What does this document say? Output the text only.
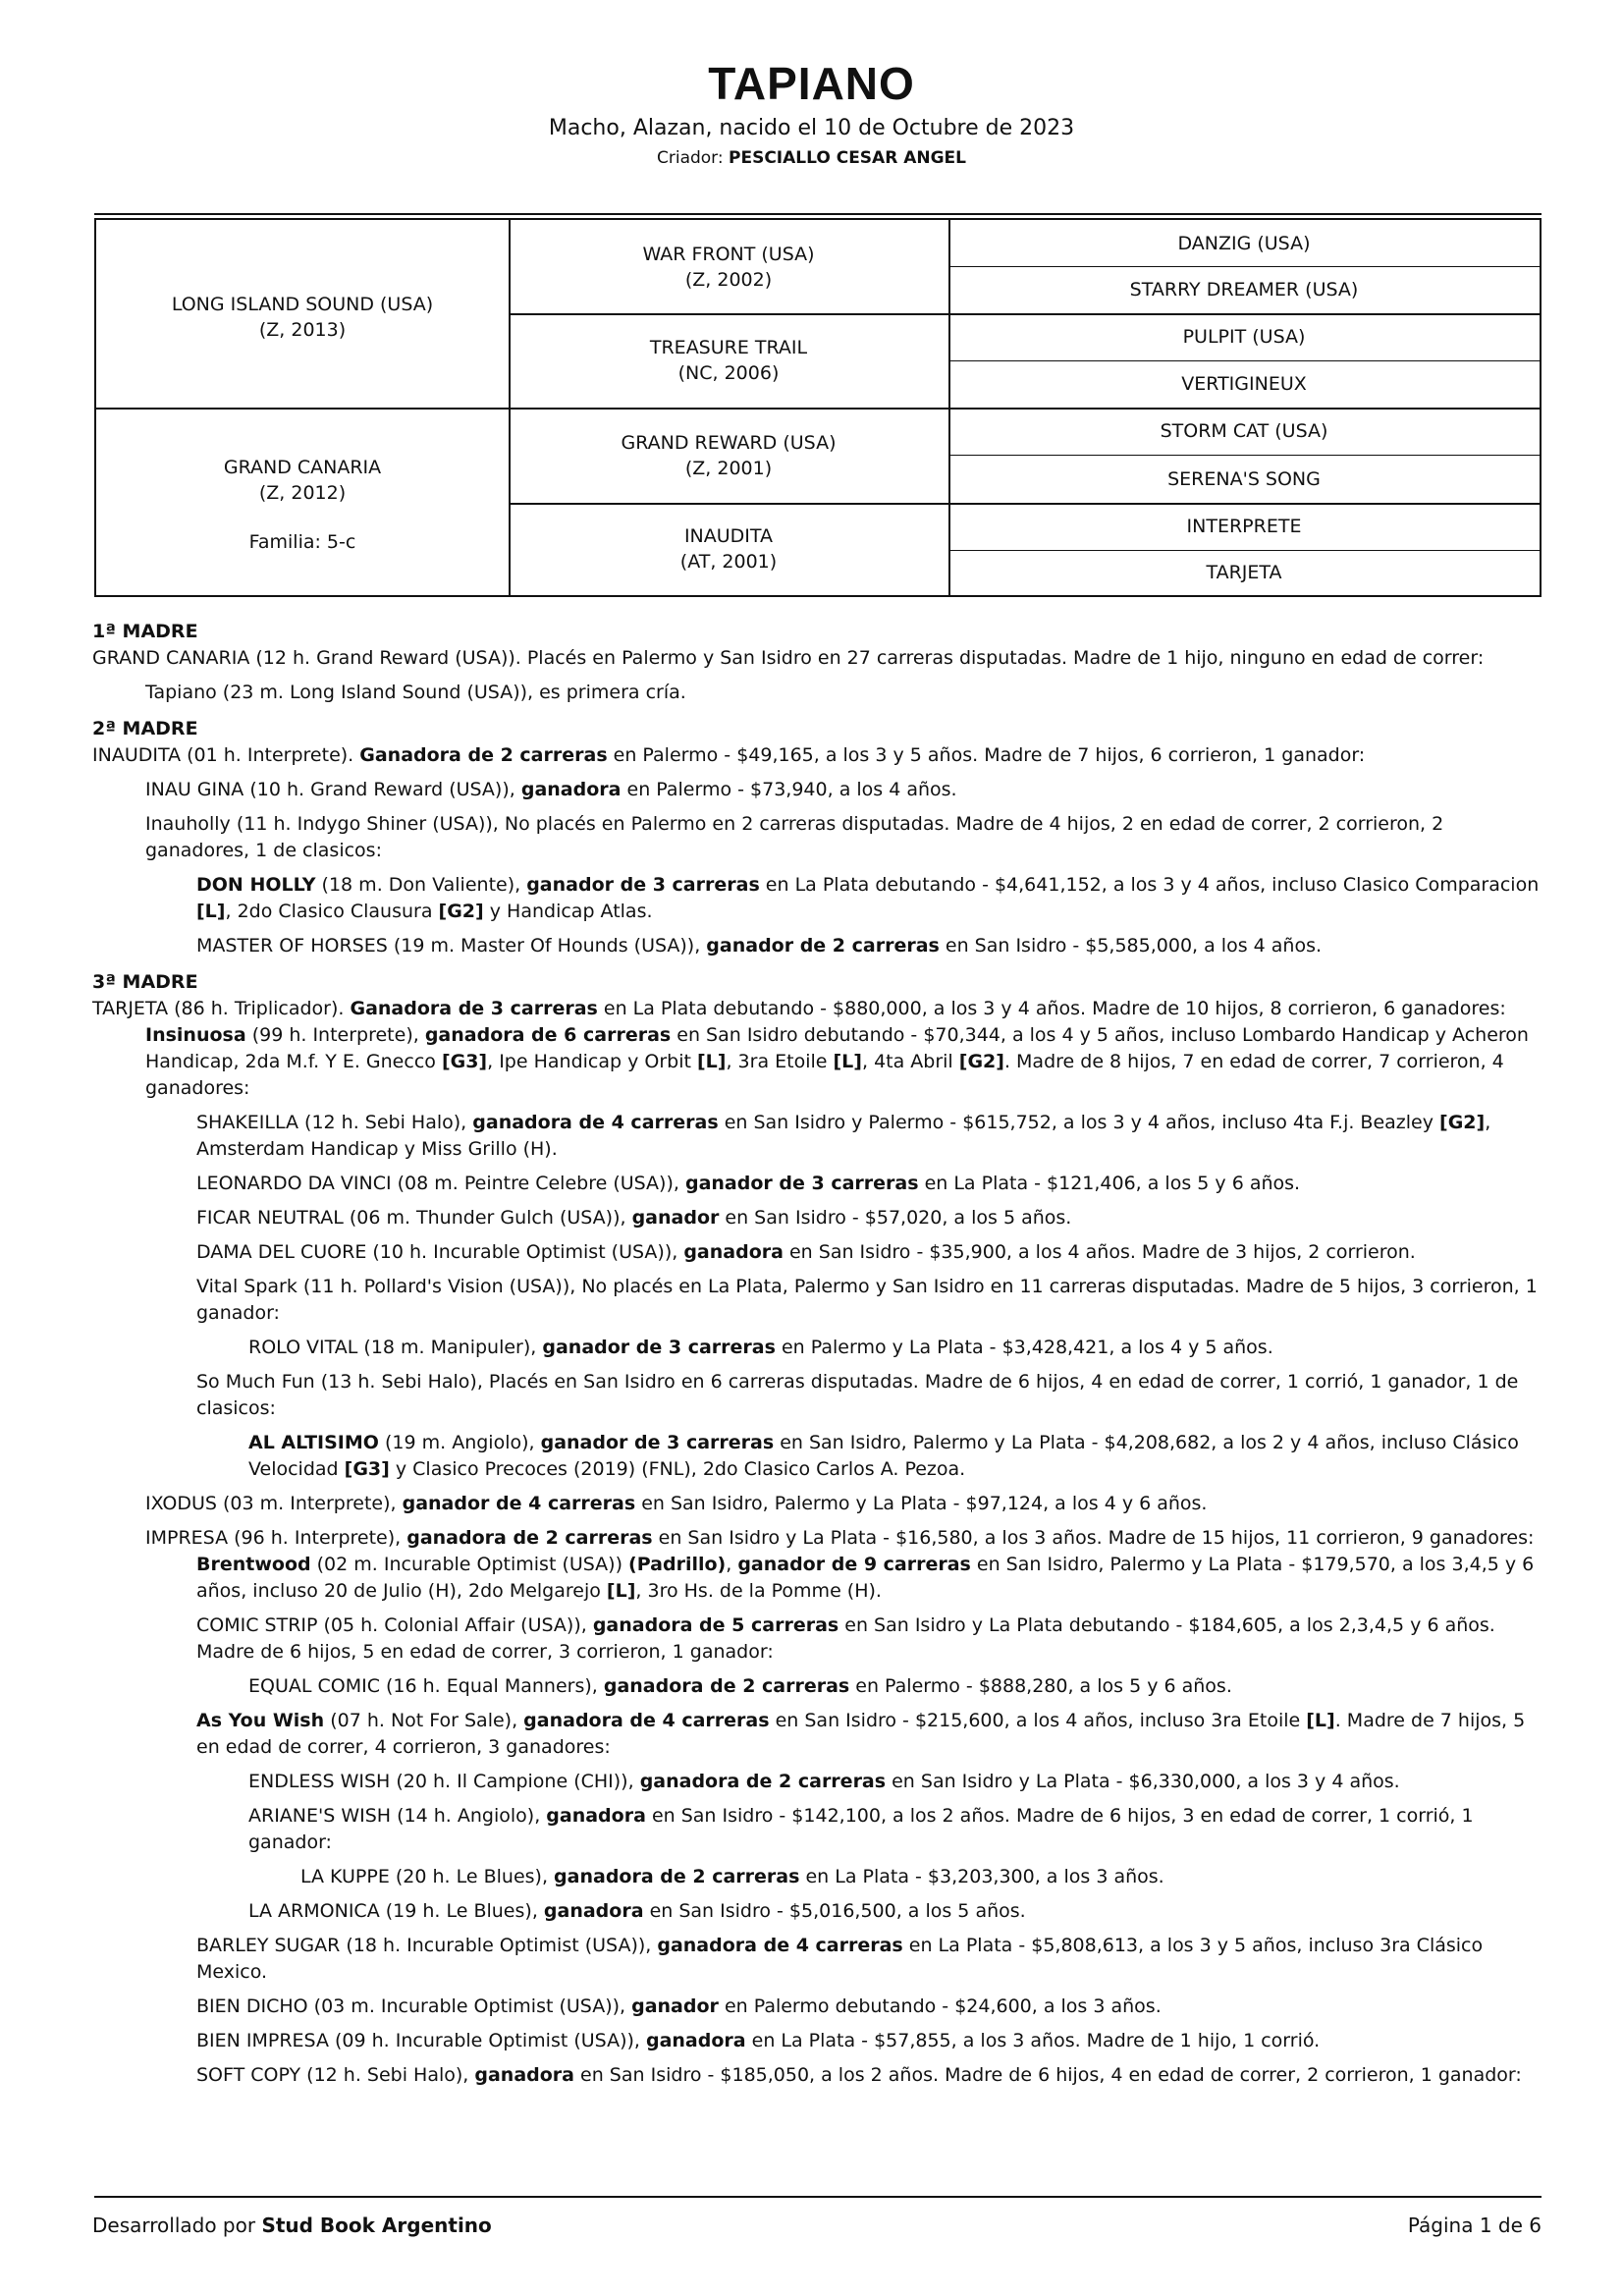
TAPIANO
Macho, Alazan, nacido el 10 de Octubre de 2023
Criador: PESCIALLO CESAR ANGEL
LONG ISLAND SOUND (USA)
(Z, 2013)
GRAND CANARIA
(Z, 2012)
Familia: 5-c
WAR FRONT (USA)
(Z, 2002)
TREASURE TRAIL
(NC, 2006)
GRAND REWARD (USA)
(Z, 2001)
INAUDITA
(AT, 2001)
DANZIG (USA)
STARRY DREAMER (USA)
PULPIT (USA)
VERTIGINEUX
STORM CAT (USA)
SERENA'S SONG
INTERPRETE
TARJETA
1ª MADRE
GRAND CANARIA (12 h. Grand Reward (USA)). Placés en Palermo y San Isidro en 27 carreras disputadas. Madre de 1 hijo, ninguno en edad de correr:
Tapiano (23 m. Long Island Sound (USA)), es primera cría.
2ª MADRE
INAUDITA (01 h. Interprete). Ganadora de 2 carreras en Palermo - $49,165, a los 3 y 5 años. Madre de 7 hijos, 6 corrieron, 1 ganador:
INAU GINA (10 h. Grand Reward (USA)), ganadora en Palermo - $73,940, a los 4 años.
Inauholly (11 h. Indygo Shiner (USA)), No placés en Palermo en 2 carreras disputadas. Madre de 4 hijos, 2 en edad de correr, 2 corrieron, 2 ganadores, 1 de clasicos:
DON HOLLY (18 m. Don Valiente), ganador de 3 carreras en La Plata debutando - $4,641,152, a los 3 y 4 años, incluso Clasico Comparacion [L], 2do Clasico Clausura [G2] y Handicap Atlas.
MASTER OF HORSES (19 m. Master Of Hounds (USA)), ganador de 2 carreras en San Isidro - $5,585,000, a los 4 años.
3ª MADRE
TARJETA (86 h. Triplicador). Ganadora de 3 carreras en La Plata debutando - $880,000, a los 3 y 4 años. Madre de 10 hijos, 8 corrieron, 6 ganadores:
Insinuosa (99 h. Interprete), ganadora de 6 carreras en San Isidro debutando - $70,344, a los 4 y 5 años, incluso Lombardo Handicap y Acheron Handicap, 2da M.f. Y E. Gnecco [G3], Ipe Handicap y Orbit [L], 3ra Etoile [L], 4ta Abril [G2]. Madre de 8 hijos, 7 en edad de correr, 7 corrieron, 4 ganadores:
SHAKEILLA (12 h. Sebi Halo), ganadora de 4 carreras en San Isidro y Palermo - $615,752, a los 3 y 4 años, incluso 4ta F.j. Beazley [G2], Amsterdam Handicap y Miss Grillo (H).
LEONARDO DA VINCI (08 m. Peintre Celebre (USA)), ganador de 3 carreras en La Plata - $121,406, a los 5 y 6 años.
FICAR NEUTRAL (06 m. Thunder Gulch (USA)), ganador en San Isidro - $57,020, a los 5 años.
DAMA DEL CUORE (10 h. Incurable Optimist (USA)), ganadora en San Isidro - $35,900, a los 4 años. Madre de 3 hijos, 2 corrieron.
Vital Spark (11 h. Pollard's Vision (USA)), No placés en La Plata, Palermo y San Isidro en 11 carreras disputadas. Madre de 5 hijos, 3 corrieron, 1 ganador:
ROLO VITAL (18 m. Manipuler), ganador de 3 carreras en Palermo y La Plata - $3,428,421, a los 4 y 5 años.
So Much Fun (13 h. Sebi Halo), Placés en San Isidro en 6 carreras disputadas. Madre de 6 hijos, 4 en edad de correr, 1 corrió, 1 ganador, 1 de clasicos:
AL ALTISIMO (19 m. Angiolo), ganador de 3 carreras en San Isidro, Palermo y La Plata - $4,208,682, a los 2 y 4 años, incluso Clásico Velocidad [G3] y Clasico Precoces (2019) (FNL), 2do Clasico Carlos A. Pezoa.
IXODUS (03 m. Interprete), ganador de 4 carreras en San Isidro, Palermo y La Plata - $97,124, a los 4 y 6 años.
IMPRESA (96 h. Interprete), ganadora de 2 carreras en San Isidro y La Plata - $16,580, a los 3 años. Madre de 15 hijos, 11 corrieron, 9 ganadores:
Brentwood (02 m. Incurable Optimist (USA)) (Padrillo), ganador de 9 carreras en San Isidro, Palermo y La Plata - $179,570, a los 3,4,5 y 6 años, incluso 20 de Julio (H), 2do Melgarejo [L], 3ro Hs. de la Pomme (H).
COMIC STRIP (05 h. Colonial Affair (USA)), ganadora de 5 carreras en San Isidro y La Plata debutando - $184,605, a los 2,3,4,5 y 6 años. Madre de 6 hijos, 5 en edad de correr, 3 corrieron, 1 ganador:
EQUAL COMIC (16 h. Equal Manners), ganadora de 2 carreras en Palermo - $888,280, a los 5 y 6 años.
As You Wish (07 h. Not For Sale), ganadora de 4 carreras en San Isidro - $215,600, a los 4 años, incluso 3ra Etoile [L]. Madre de 7 hijos, 5 en edad de correr, 4 corrieron, 3 ganadores:
ENDLESS WISH (20 h. Il Campione (CHI)), ganadora de 2 carreras en San Isidro y La Plata - $6,330,000, a los 3 y 4 años.
ARIANE'S WISH (14 h. Angiolo), ganadora en San Isidro - $142,100, a los 2 años. Madre de 6 hijos, 3 en edad de correr, 1 corrió, 1 ganador:
LA KUPPE (20 h. Le Blues), ganadora de 2 carreras en La Plata - $3,203,300, a los 3 años.
LA ARMONICA (19 h. Le Blues), ganadora en San Isidro - $5,016,500, a los 5 años.
BARLEY SUGAR (18 h. Incurable Optimist (USA)), ganadora de 4 carreras en La Plata - $5,808,613, a los 3 y 5 años, incluso 3ra Clásico Mexico.
BIEN DICHO (03 m. Incurable Optimist (USA)), ganador en Palermo debutando - $24,600, a los 3 años.
BIEN IMPRESA (09 h. Incurable Optimist (USA)), ganadora en La Plata - $57,855, a los 3 años. Madre de 1 hijo, 1 corrió.
SOFT COPY (12 h. Sebi Halo), ganadora en San Isidro - $185,050, a los 2 años. Madre de 6 hijos, 4 en edad de correr, 2 corrieron, 1 ganador:
Desarrollado por Stud Book Argentino	Página 1 de 6
